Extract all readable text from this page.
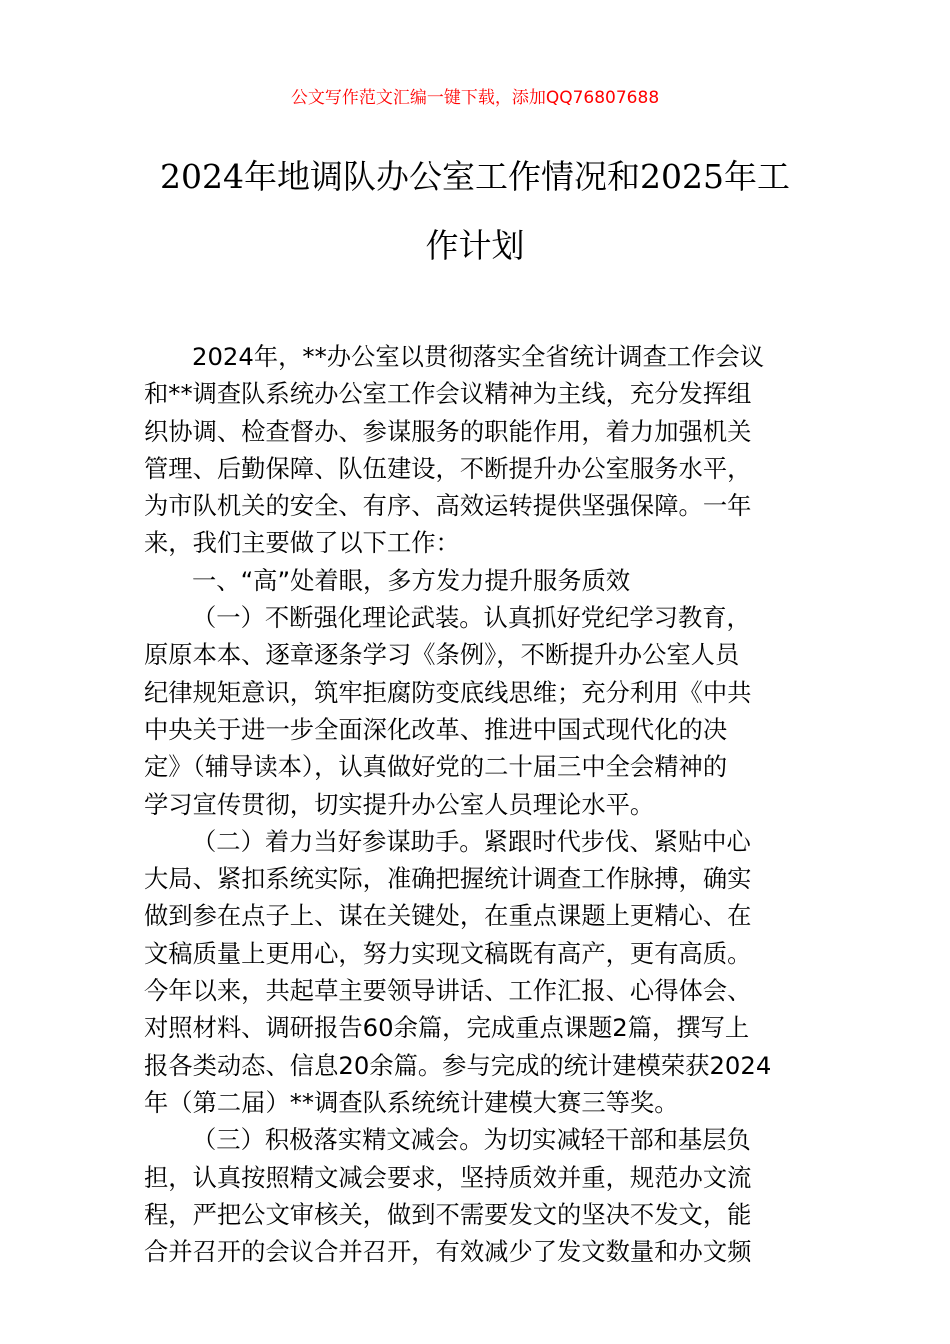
公文写作范文汇编一键下载，添加QQ76807688
2024年地调队办公室工作情况和2025年工
作计划
2024年，**办公室以贯彻落实全省统计调查工作会议
和**调查队系统办公室工作会议精神为主线，充分发挥组
织协调、检查督办、参谋服务的职能作用，着力加强机关
管理、后勤保障、队伍建设，不断提升办公室服务水平，
为市队机关的安全、有序、高效运转提供坚强保障。一年
来，我们主要做了以下工作：
一、“高”处着眼，多方发力提升服务质效
（一）不断强化理论武装。认真抓好党纪学习教育，
原原本本、逐章逐条学习《条例》，不断提升办公室人员
纪律规矩意识，筑牢拒腐防变底线思维；充分利用《中共
中央关于进一步全面深化改革、推进中国式现代化的决
定》（辅导读本），认真做好党的二十届三中全会精神的
学习宣传贯彻，切实提升办公室人员理论水平。
（二）着力当好参谋助手。紧跟时代步伐、紧贴中心
大局、紧扣系统实际，准确把握统计调查工作脉搏，确实
做到参在点子上、谋在关键处，在重点课题上更精心、在
文稿质量上更用心，努力实现文稿既有高产，更有高质。
今年以来，共起草主要领导讲话、工作汇报、心得体会、
对照材料、调研报告60余篇，完成重点课题2篇，撰写上
报各类动态、信息20余篇。参与完成的统计建模荣获2024
年（第二届）**调查队系统统计建模大赛三等奖。
（三）积极落实精文减会。为切实减轻干部和基层负
担，认真按照精文减会要求，坚持质效并重，规范办文流
程，严把公文审核关，做到不需要发文的坚决不发文，能
合并召开的会议合并召开，有效减少了发文数量和办文频
